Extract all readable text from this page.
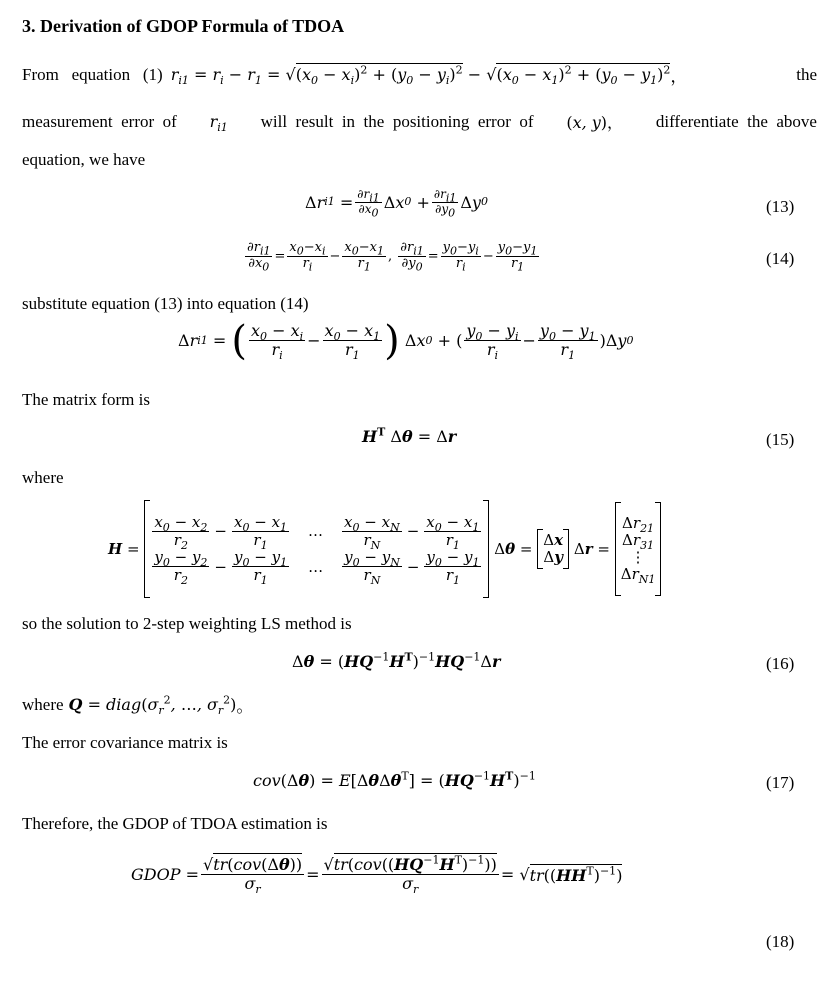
3. Derivation of GDOP Formula of TDOA
From   equation   (1) $r_{i1} = r_i - r_1 = √(x_0 - x_i)^2 + (y_0 - y_i)^2 - √(x_0 - x_1)^2 + (y_0 - y_1)^2$ ，	the
measurement  error  of $r_{i1}$ will  result  in  the  positioning  error  of (x, y)， differentiate  the  above
equation, we have
Δ r i1
= $\frac{\partial r_{i1}}{\partial x_0}$ Δ x 0
+ $\frac{\partial r_{i1}}{\partial y_0}$ Δ y 0	(13)
$\frac{\partial r_{i1}}{\partial x_0} = \frac{x_0-x_i}{r_i} - \frac{x_0-x_1}{r_1}$ , $\frac{\partial r_{i1}}{\partial y_0} = \frac{y_0-y_i}{r_i} - \frac{y_0-y_1}{r_1}$	(14)
substitute equation (13) into equation (14)
Δ r i1
=
( $\frac{x_0 - x_i}{r_i} - \frac{x_0 - x_1}{r_1}$ )
Δ x 0
+
( $\frac{y_0 - y_i}{r_i} - \frac{y_0 - y_1}{r_1} )\Delta$ y 0
The matrix form is
$H^T$ Δθ = Δr	(15)
where
H
=
$\frac{x_0 - x_2}{r_2} - \frac{x_0 - x_1}{r_1}$ … $\frac{x_0 - x_N}{r_N} - \frac{x_0 - x_1}{r_1}$
$\frac{y_0 - y_2}{r_2} - \frac{y_0 - y_1}{r_1}$ … $\frac{y_0 - y_N}{r_N} - \frac{y_0 - y_1}{r_1}$
Δ θ
=

Δx
Δy
Δ r
=

$\Delta r_{21}$
$\Delta r_{31}$
⋮
$\Delta r_{N1}$
so the solution to 2-step weighting LS method is
$\Delta\theta = (HQ^{-1}H^T)^{-1}HQ^{-1}\Delta r$	(16)
where $Q = diag(\sigma_r^2$, …, $\sigma_r^2$) 。
The error covariance matrix is
$cov(\Delta\theta) = E[\Delta\theta\Delta\theta^T] = (HQ^{-1}H^T)^{-1}$	(17)
Therefore, the GDOP of TDOA estimation is
GDOP = $\frac{\text{√tr(cov(Δθ))}}{\sigma_r} = \frac{√tr(cov((HQ^{-1}H^T)^{-1}))}{\sigma_r}$ =
√ $tr((HH^T)^{-1})$
(18)
